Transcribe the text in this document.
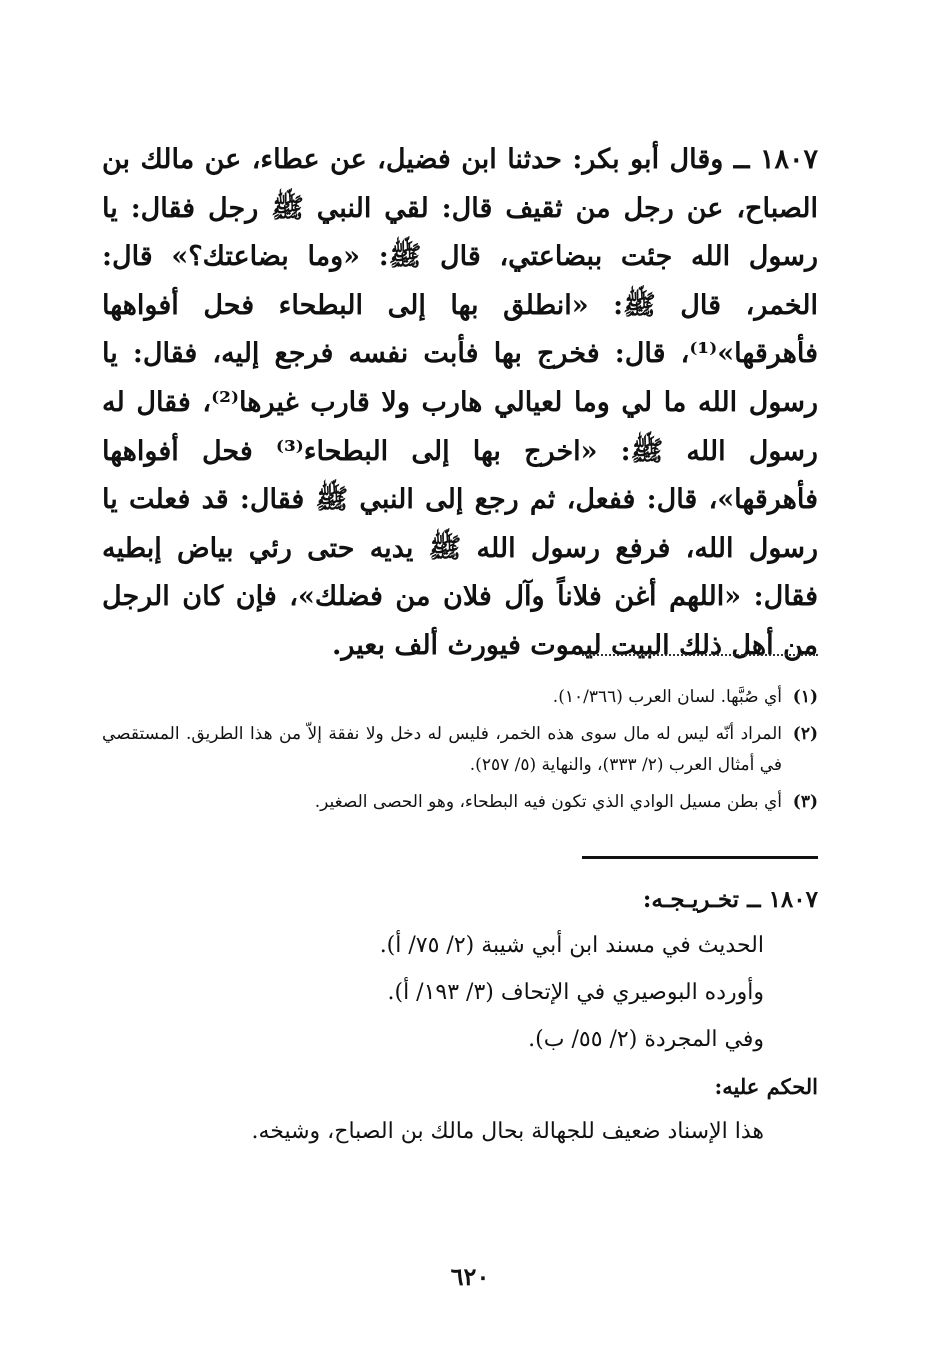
١٨٠٧ ــ وقال أبو بكر: حدثنا ابن فضيل، عن عطاء، عن مالك بن الصباح، عن رجل من ثقيف قال: لقي النبي ﷺ رجل فقال: يا رسول الله جئت ببضاعتي، قال ﷺ: «وما بضاعتك؟» قال: الخمر، قال ﷺ: «انطلق بها إلى البطحاء فحل أفواهها فأهرقها»⁽¹⁾، قال: فخرج بها فأبت نفسه فرجع إليه، فقال: يا رسول الله ما لي وما لعيالي هارب ولا قارب غيرها⁽²⁾، فقال له رسول الله ﷺ: «اخرج بها إلى البطحاء⁽³⁾ فحل أفواهها فأهرقها»، قال: ففعل، ثم رجع إلى النبي ﷺ فقال: قد فعلت يا رسول الله، فرفع رسول الله ﷺ يديه حتى رئي بياض إبطيه فقال: «اللهم أغن فلاناً وآل فلان من فضلك»، فإن كان الرجل من أهل ذلك البيت ليموت فيورث ألف بعير.

(١)
أي صُبَّها. لسان العرب (١٠/٣٦٦).
(٢)
المراد أنّه ليس له مال سوى هذه الخمر، فليس له دخل ولا نفقة إلاّ من هذا الطريق. المستقصي في أمثال العرب (٢/ ٣٣٣)، والنهاية (٥/ ٢٥٧).
(٣)
أي بطن مسيل الوادي الذي تكون فيه البطحاء، وهو الحصى الصغير.
١٨٠٧ ــ تخـريـجـه:
الحديث في مسند ابن أبي شيبة (٢/ ٧٥/ أ).
وأورده البوصيري في الإتحاف (٣/ ١٩٣/ أ).
وفي المجردة (٢/ ٥٥/ ب).
الحكم عليه:
هذا الإسناد ضعيف للجهالة بحال مالك بن الصباح، وشيخه.
٦٢٠
